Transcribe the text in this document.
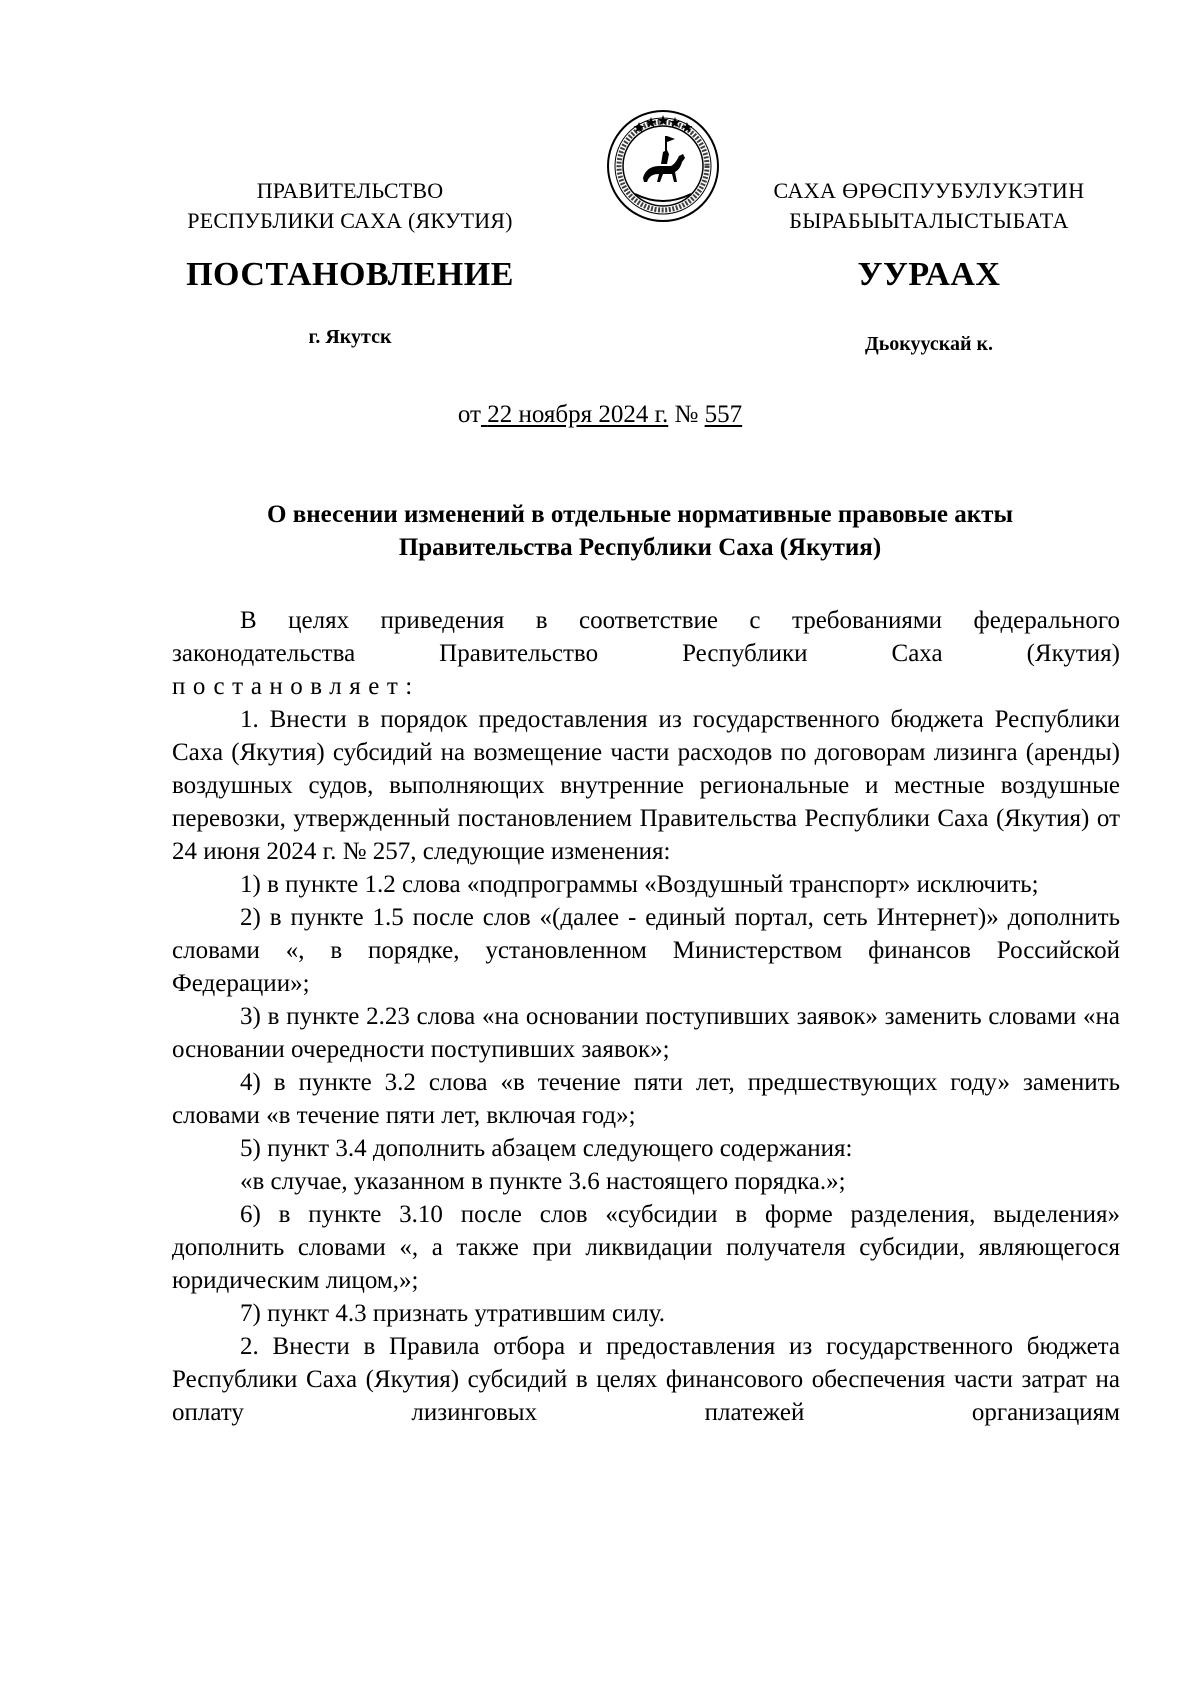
ПРАВИТЕЛЬСТВО
РЕСПУБЛИКИ САХА (ЯКУТИЯ)
САХА ӨРӨСПУУБУЛУКЭТИН
БЫРАБЫЫТАЛЫСТЫБАТА
ПОСТАНОВЛЕНИЕ	УУРААХ
г. Якутск	Дьокуускай к.
от 22 ноября 2024 г. № 557
О внесении изменений в отдельные нормативные правовые акты
Правительства Республики Саха (Якутия)

В целях приведения в соответствие с требованиями федерального

законодательства Правительство Республики Саха (Якутия)

постановляет:

1. Внести в порядок предоставления из государственного бюджета Республики Саха (Якутия) субсидий на возмещение части расходов по договорам лизинга (аренды) воздушных судов, выполняющих внутренние региональные и местные воздушные перевозки, утвержденный постановлением Правительства Республики Саха (Якутия) от 24 июня 2024 г. № 257, следующие изменения:

1) в пункте 1.2 слова «подпрограммы «Воздушный транспорт» исключить;

2) в пункте 1.5 после слов «(далее - единый портал, сеть Интернет)» дополнить словами «, в порядке, установленном Министерством финансов Российской Федерации»;

3) в пункте 2.23 слова «на основании поступивших заявок» заменить словами «на основании очередности поступивших заявок»;

4) в пункте 3.2 слова «в течение пяти лет, предшествующих году» заменить словами «в течение пяти лет, включая год»;

5) пункт 3.4 дополнить абзацем следующего содержания:

«в случае, указанном в пункте 3.6 настоящего порядка.»;

6) в пункте 3.10 после слов «субсидии в форме разделения, выделения» дополнить словами «, а также при ликвидации получателя субсидии, являющегося юридическим лицом,»;

7) пункт 4.3 признать утратившим силу.

2. Внести в Правила отбора и предоставления из государственного бюджета Республики Саха (Якутия) субсидий в целях финансового обеспечения части затрат на оплату лизинговых платежей организациям
